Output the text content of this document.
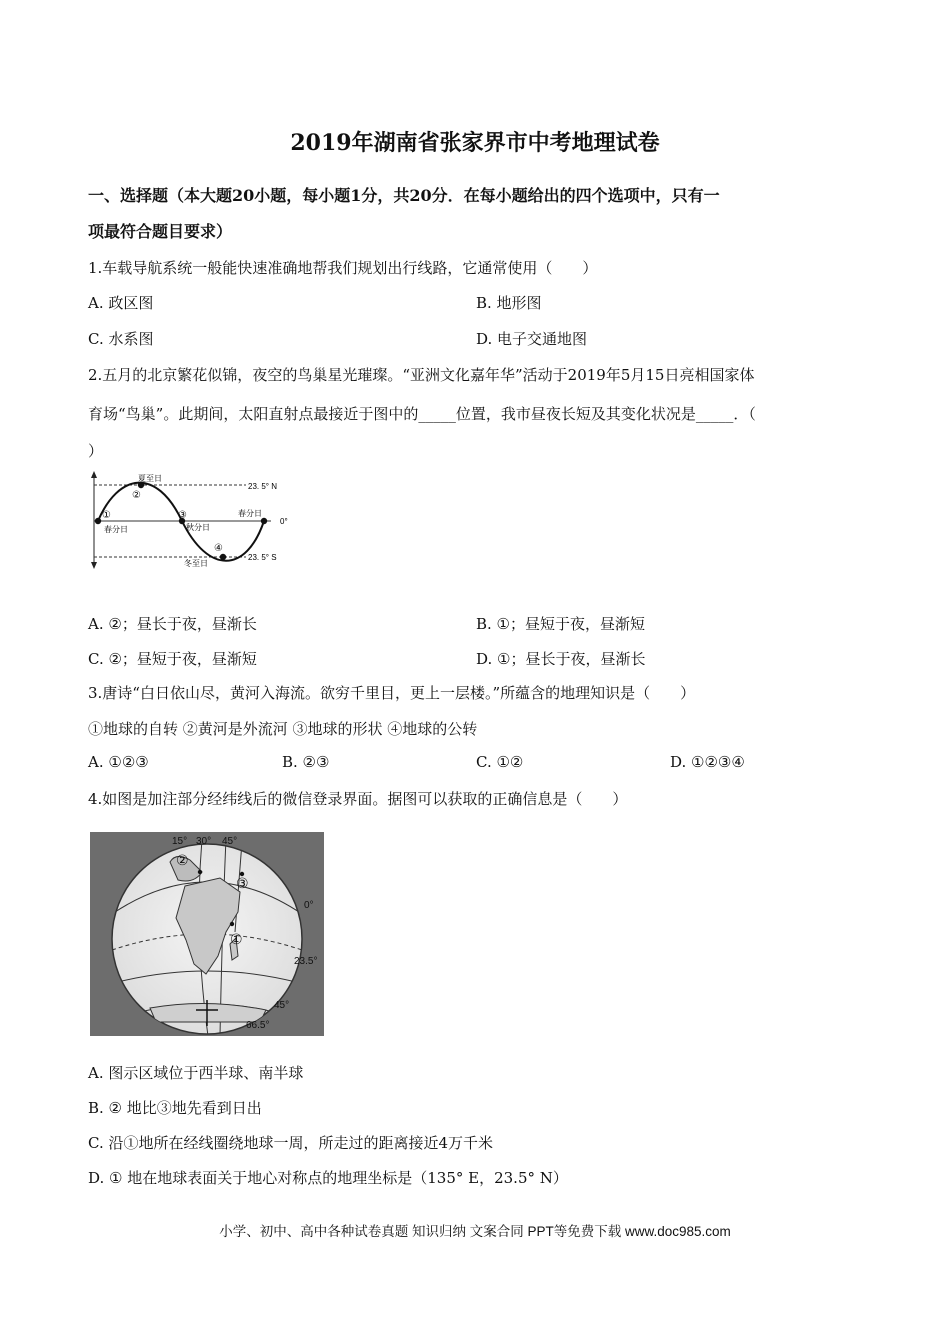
2019年湖南省张家界市中考地理试卷
一、选择题（本大题20小题，每小题1分，共20分．在每小题给出的四个选项中，只有一
项最符合题目要求）
1.车载导航系统一般能快速准确地帮我们规划出行线路，它通常使用（　　）
A. 政区图	B. 地形图
C. 水系图	D. 电子交通地图
2.五月的北京繁花似锦，夜空的鸟巢星光璀璨。“亚洲文化嘉年华”活动于2019年5月15日亮相国家体
育场“鸟巢”。此期间，太阳直射点最接近于图中的_____位置，我市昼夜长短及其变化状况是_____．（
）
夏至日
②
①
春分日
③
秋分日
春分日
④
冬至日
23. 5° N
0°
23. 5° S
A. ②；昼长于夜，昼渐长	B. ①；昼短于夜，昼渐短
C. ②；昼短于夜，昼渐短	D. ①；昼长于夜，昼渐长
3.唐诗“白日依山尽，黄河入海流。欲穷千里目，更上一层楼。”所蕴含的地理知识是（　　）
①地球的自转 ②黄河是外流河 ③地球的形状 ④地球的公转
A. ①②③	B. ②③	C. ①②	D. ①②③④
4.如图是加注部分经纬线后的微信登录界面。据图可以获取的正确信息是（　　）
15° 30° 45°
②
③
①
0°
23.5°
45°
66.5°
A. 图示区域位于西半球、南半球
B. ② 地比③地先看到日出
C. 沿①地所在经线圈绕地球一周，所走过的距离接近4万千米
D. ① 地在地球表面关于地心对称点的地理坐标是（135° E，23.5° N）
小学、初中、高中各种试卷真题 知识归纳 文案合同 PPT等免费下载 www.doc985.com
